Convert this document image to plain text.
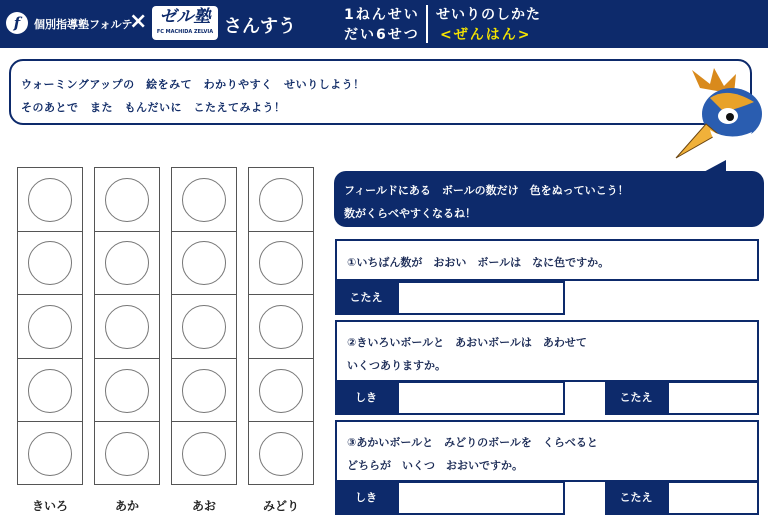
f	個別指導塾フォルテ
× ゼル塾
FC MACHIDA ZELVIA さんすう
1ねんせい
だい6せつ
せいりのしかた
<ぜんはん>
ウォーミングアップの　絵をみて　わかりやすく　せいりしよう！
そのあとで　また　もんだいに　こたえてみよう！
きいろ	あか	あお	みどり
フィールドにある　ボールの数だけ　色をぬっていこう！
数がくらべやすくなるね！
①いちばん数が　おおい　ボールは　なに色ですか。
こたえ
②きいろいボールと　あおいボールは　あわせて
いくつありますか。
しき	こたえ
③あかいボールと　みどりのボールを　くらべると
どちらが　いくつ　おおいですか。
しき	こたえ
